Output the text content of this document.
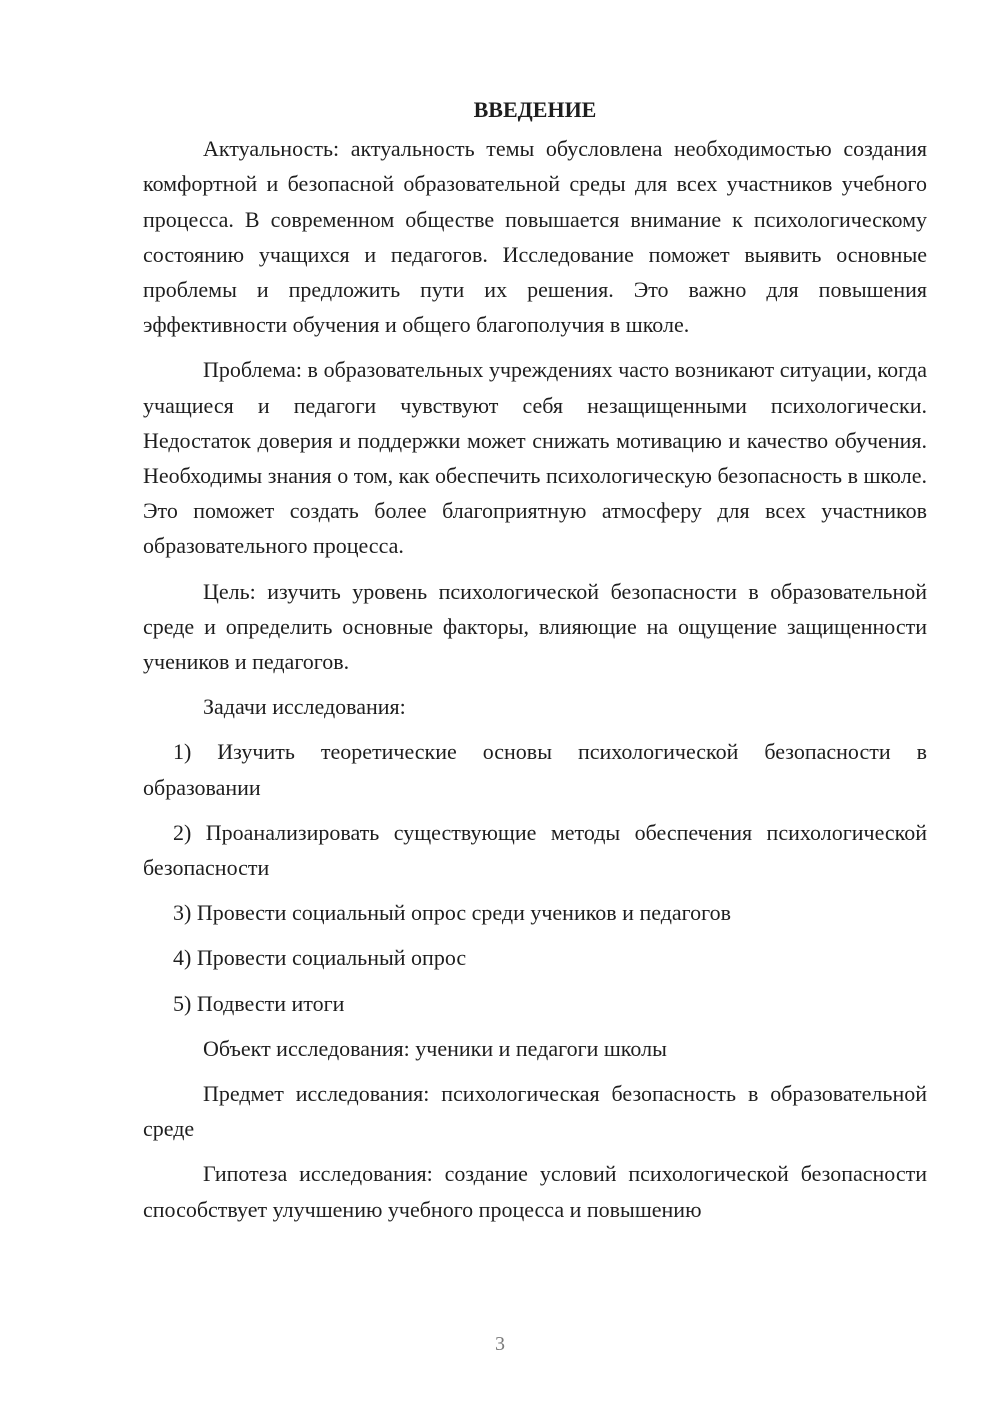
ВВЕДЕНИЕ

Актуальность: актуальность темы обусловлена необходимостью создания комфортной и безопасной образовательной среды для всех участников учебного процесса. В современном обществе повышается внимание к психологическому состоянию учащихся и педагогов. Исследование поможет выявить основные проблемы и предложить пути их решения. Это важно для повышения эффективности обучения и общего благополучия в школе.

Проблема: в образовательных учреждениях часто возникают ситуации, когда учащиеся и педагоги чувствуют себя незащищенными психологически. Недостаток доверия и поддержки может снижать мотивацию и качество обучения. Необходимы знания о том, как обеспечить психологическую безопасность в школе. Это поможет создать более благоприятную атмосферу для всех участников образовательного процесса.

Цель: изучить уровень психологической безопасности в образовательной среде и определить основные факторы, влияющие на ощущение защищенности учеников и педагогов.

Задачи исследования:

1) Изучить теоретические основы психологической безопасности в образовании

2) Проанализировать существующие методы обеспечения психологической безопасности

3) Провести социальный опрос среди учеников и педагогов

4) Провести социальный опрос

5) Подвести итоги

Объект исследования: ученики и педагоги школы

Предмет исследования: психологическая безопасность в образовательной среде

Гипотеза исследования: создание условий психологической безопасности способствует улучшению учебного процесса и повышению

3
